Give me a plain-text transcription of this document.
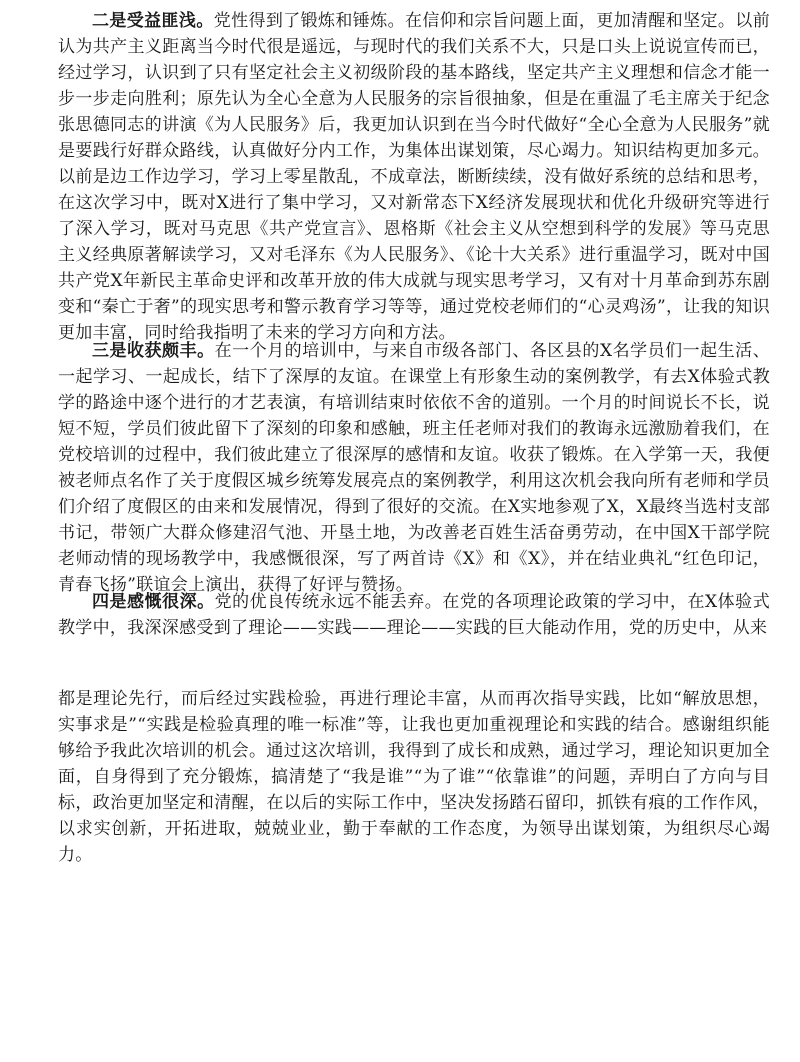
二是受益匪浅。党性得到了锻炼和锤炼。在信仰和宗旨问题上面，更加清醒和坚定。以前认为共产主义距离当今时代很是遥远，与现时代的我们关系不大，只是口头上说说宣传而已，经过学习，认识到了只有坚定社会主义初级阶段的基本路线，坚定共产主义理想和信念才能一步一步走向胜利；原先认为全心全意为人民服务的宗旨很抽象，但是在重温了毛主席关于纪念张思德同志的讲演《为人民服务》后，我更加认识到在当今时代做好“全心全意为人民服务”就是要践行好群众路线，认真做好分内工作，为集体出谋划策，尽心竭力。知识结构更加多元。以前是边工作边学习，学习上零星散乱，不成章法，断断续续，没有做好系统的总结和思考，在这次学习中，既对X进行了集中学习，又对新常态下X经济发展现状和优化升级研究等进行了深入学习，既对马克思《共产党宣言》、恩格斯《社会主义从空想到科学的发展》等马克思主义经典原著解读学习，又对毛泽东《为人民服务》、《论十大关系》进行重温学习，既对中国共产党X年新民主革命史评和改革开放的伟大成就与现实思考学习，又有对十月革命到苏东剧变和“秦亡于奢”的现实思考和警示教育学习等等，通过党校老师们的“心灵鸡汤”，让我的知识更加丰富，同时给我指明了未来的学习方向和方法。

三是收获颇丰。在一个月的培训中，与来自市级各部门、各区县的X名学员们一起生活、一起学习、一起成长，结下了深厚的友谊。在课堂上有形象生动的案例教学，有去X体验式教学的路途中逐个进行的才艺表演，有培训结束时依依不舍的道别。一个月的时间说长不长，说短不短，学员们彼此留下了深刻的印象和感触，班主任老师对我们的教诲永远激励着我们，在党校培训的过程中，我们彼此建立了很深厚的感情和友谊。收获了锻炼。在入学第一天，我便被老师点名作了关于度假区城乡统筹发展亮点的案例教学，利用这次机会我向所有老师和学员们介绍了度假区的由来和发展情况，得到了很好的交流。在X实地参观了X，X最终当选村支部书记，带领广大群众修建沼气池、开垦土地，为改善老百姓生活奋勇劳动，在中国X干部学院老师动情的现场教学中，我感慨很深，写了两首诗《X》和《X》，并在结业典礼“红色印记，青春飞扬”联谊会上演出，获得了好评与赞扬。

四是感慨很深。党的优良传统永远不能丢弃。在党的各项理论政策的学习中，在X体验式教学中，我深深感受到了理论——实践——理论——实践的巨大能动作用，党的历史中，从来

都是理论先行，而后经过实践检验，再进行理论丰富，从而再次指导实践，比如“解放思想，实事求是”“实践是检验真理的唯一标准”等，让我也更加重视理论和实践的结合。感谢组织能够给予我此次培训的机会。通过这次培训，我得到了成长和成熟，通过学习，理论知识更加全面，自身得到了充分锻炼，搞清楚了“我是谁”“为了谁”“依靠谁”的问题，弄明白了方向与目标，政治更加坚定和清醒，在以后的实际工作中，坚决发扬踏石留印，抓铁有痕的工作作风，以求实创新，开拓进取，兢兢业业，勤于奉献的工作态度，为领导出谋划策，为组织尽心竭力。
